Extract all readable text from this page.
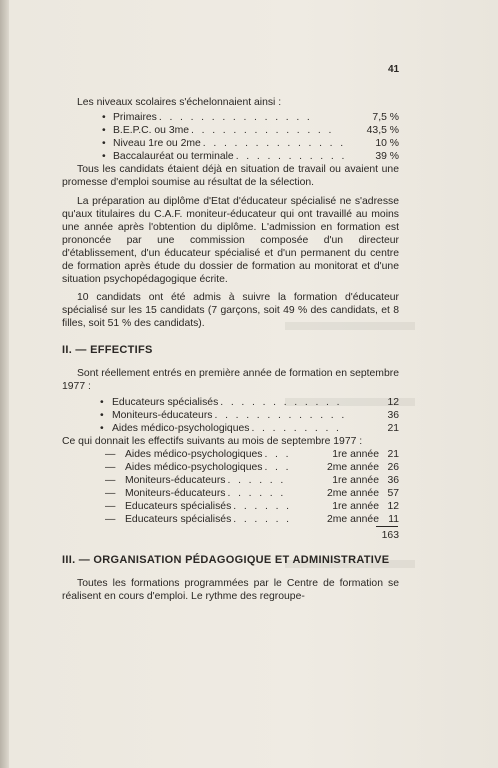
41

Les niveaux scolaires s'échelonnaient ainsi :

• Primaires . . . . . . . . . . . . . . .	7,5 %
• B.E.P.C. ou 3me . . . . . . . . . . . . . .	43,5 %
• Niveau 1re ou 2me . . . . . . . . . . . . . .	10 %
• Baccalauréat ou terminale . . . . . . . . . . .	39 %

Tous les candidats étaient déjà en situation de travail ou avaient une promesse d'emploi soumise au résultat de la sélection.

La préparation au diplôme d'Etat d'éducateur spécialisé ne s'adresse qu'aux titulaires du C.A.F. moniteur-éducateur qui ont travaillé au moins une année après l'obtention du diplôme. L'admission en formation est prononcée par une commission composée d'un directeur d'établissement, d'un éducateur spécialisé et d'un permanent du centre de formation après étude du dossier de formation au monitorat et d'une situation psychopédagogique écrite.

10 candidats ont été admis à suivre la formation d'éducateur spécialisé sur les 15 candidats (7 garçons, soit 49 % des candidats, et 8 filles, soit 51 % des candidats).

II. — EFFECTIFS

Sont réellement entrés en première année de formation en septembre 1977 :

• Educateurs spécialisés . . . . . . . . . . . .	12
• Moniteurs-éducateurs . . . . . . . . . . . . .	36
• Aides médico-psychologiques . . . . . . . . .	21

Ce qui donnait les effectifs suivants au mois de septembre 1977 :

— Aides médico-psychologiques . . .	1re année 21
— Aides médico-psychologiques . . .	2me année 26
— Moniteurs-éducateurs . . . . . .	1re année 36
— Moniteurs-éducateurs . . . . . .	2me année 57
— Educateurs spécialisés . . . . . .	1re année 12
— Educateurs spécialisés . . . . . .	2me année 11
163
III. — ORGANISATION PÉDAGOGIQUE ET ADMINISTRATIVE

Toutes les formations programmées par le Centre de formation se réalisent en cours d'emploi. Le rythme des regroupe-
